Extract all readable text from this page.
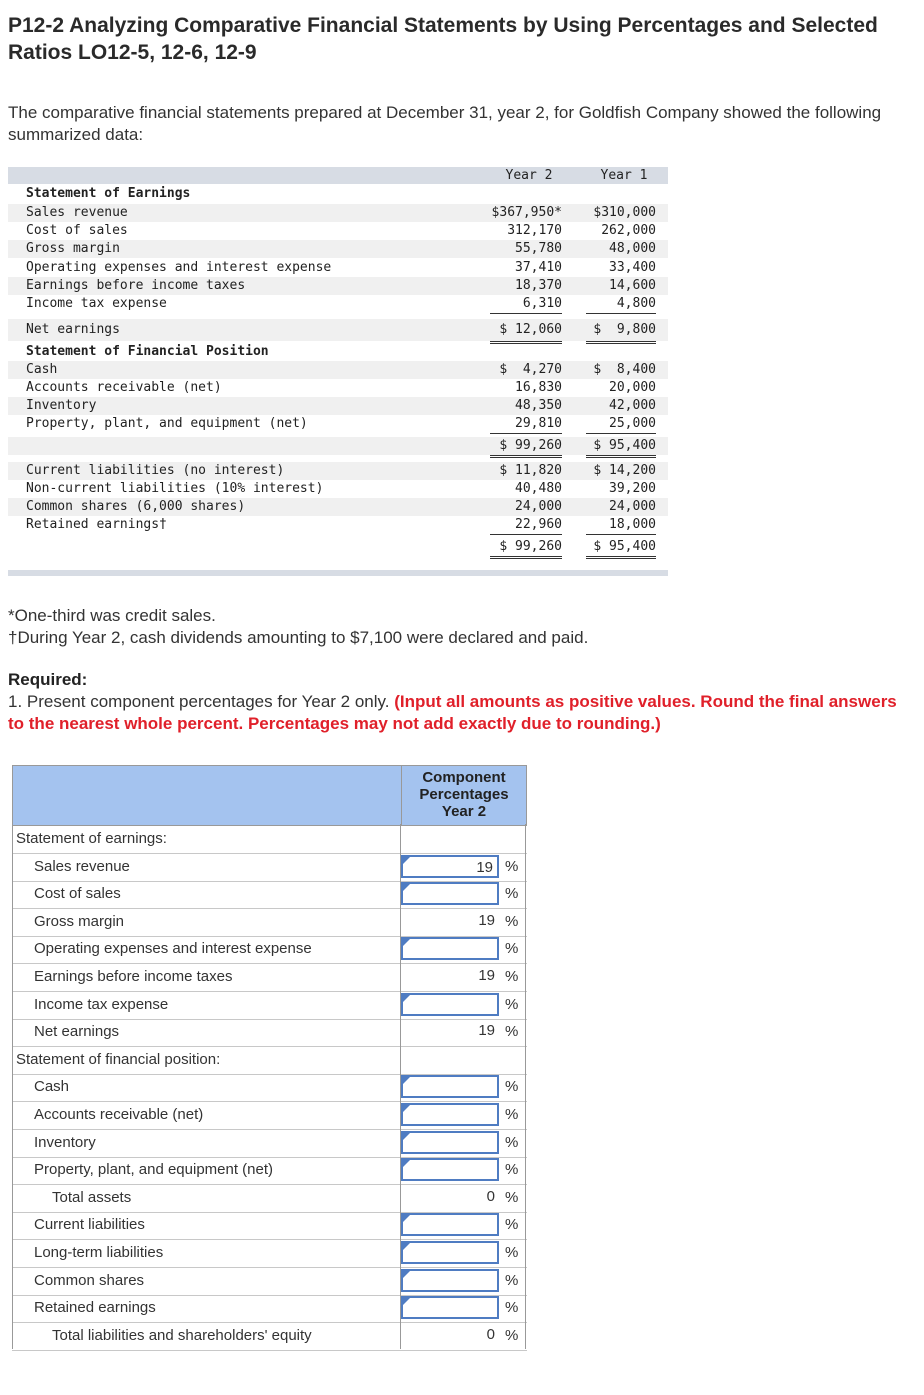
P12-2 Analyzing Comparative Financial Statements by Using Percentages and Selected Ratios LO12-5, 12-6, 12-9
The comparative financial statements prepared at December 31, year 2, for Goldfish Company showed the following summarized data:
Year 2	Year 1
Statement of Earnings
Sales revenue	$367,950*	$310,000
Cost of sales	312,170	262,000
Gross margin	55,780	48,000
Operating expenses and interest expense	37,410	33,400
Earnings before income taxes	18,370	14,600
Income tax expense	6,310	4,800
Net earnings	$ 12,060	$  9,800
Statement of Financial Position
Cash	$  4,270	$  8,400
Accounts receivable (net)	16,830	20,000
Inventory	48,350	42,000
Property, plant, and equipment (net)	29,810	25,000
$ 99,260	$ 95,400
Current liabilities (no interest)	$ 11,820	$ 14,200
Non-current liabilities (10% interest)	40,480	39,200
Common shares (6,000 shares)	24,000	24,000
Retained earnings†	22,960	18,000
$ 99,260	$ 95,400
*One-third was credit sales.
†During Year 2, cash dividends amounting to $7,100 were declared and paid.
Required:
1. Present component percentages for Year 2 only. (Input all amounts as positive values. Round the final answers to the nearest whole percent. Percentages may not add exactly due to rounding.)
Component
Percentages
Year 2
Statement of earnings:
Sales revenue	19 %
Cost of sales	%
Gross margin	19 %
Operating expenses and interest expense	%
Earnings before income taxes	19 %
Income tax expense	%
Net earnings	19 %
Statement of financial position:
Cash	%
Accounts receivable (net)	%
Inventory	%
Property, plant, and equipment (net)	%
Total assets	0 %
Current liabilities	%
Long-term liabilities	%
Common shares	%
Retained earnings	%
Total liabilities and shareholders' equity	0 %
